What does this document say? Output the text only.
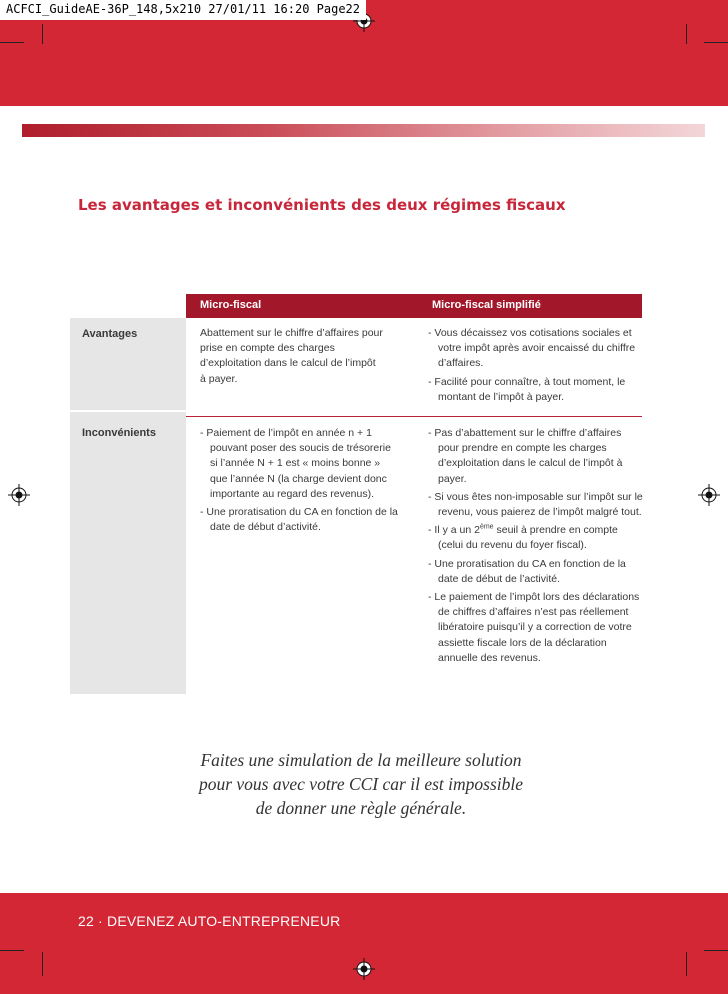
ACFCI_GuideAE-36P_148,5x210 27/01/11 16:20 Page22
Les avantages et inconvénients des deux régimes fiscaux
Micro-fiscal	Micro-fiscal simplifié
Avantages
Inconvénients
Abattement sur le chiffre d’affaires pour
prise en compte des charges
d’exploitation dans le calcul de l’impôt
à payer.
- Vous décaissez vos cotisations sociales et votre impôt après avoir encaissé du chiffre d’affaires.
- Facilité pour connaître, à tout moment, le montant de l’impôt à payer.
- Paiement de l’impôt en année n + 1 pouvant poser des soucis de trésorerie si l’année N + 1 est « moins bonne » que l’année N (la charge devient donc importante au regard des revenus).
- Une proratisation du CA en fonction de la date de début d’activité.
- Pas d’abattement sur le chiffre d’affaires pour prendre en compte les charges d’exploitation dans le calcul de l’impôt à payer.
- Si vous êtes non-imposable sur l’impôt sur le revenu, vous paierez de l’impôt malgré tout.
- Il y a un 2ème seuil à prendre en compte (celui du revenu du foyer fiscal).
- Une proratisation du CA en fonction de la date de début de l’activité.
- Le paiement de l’impôt lors des déclarations de chiffres d’affaires n’est pas réellement libératoire puisqu’il y a correction de votre assiette fiscale lors de la déclaration annuelle des revenus.
Faites une simulation de la meilleure solution
pour vous avec votre CCI car il est impossible
de donner une règle générale.
22 · DEVENEZ AUTO-ENTREPRENEUR
